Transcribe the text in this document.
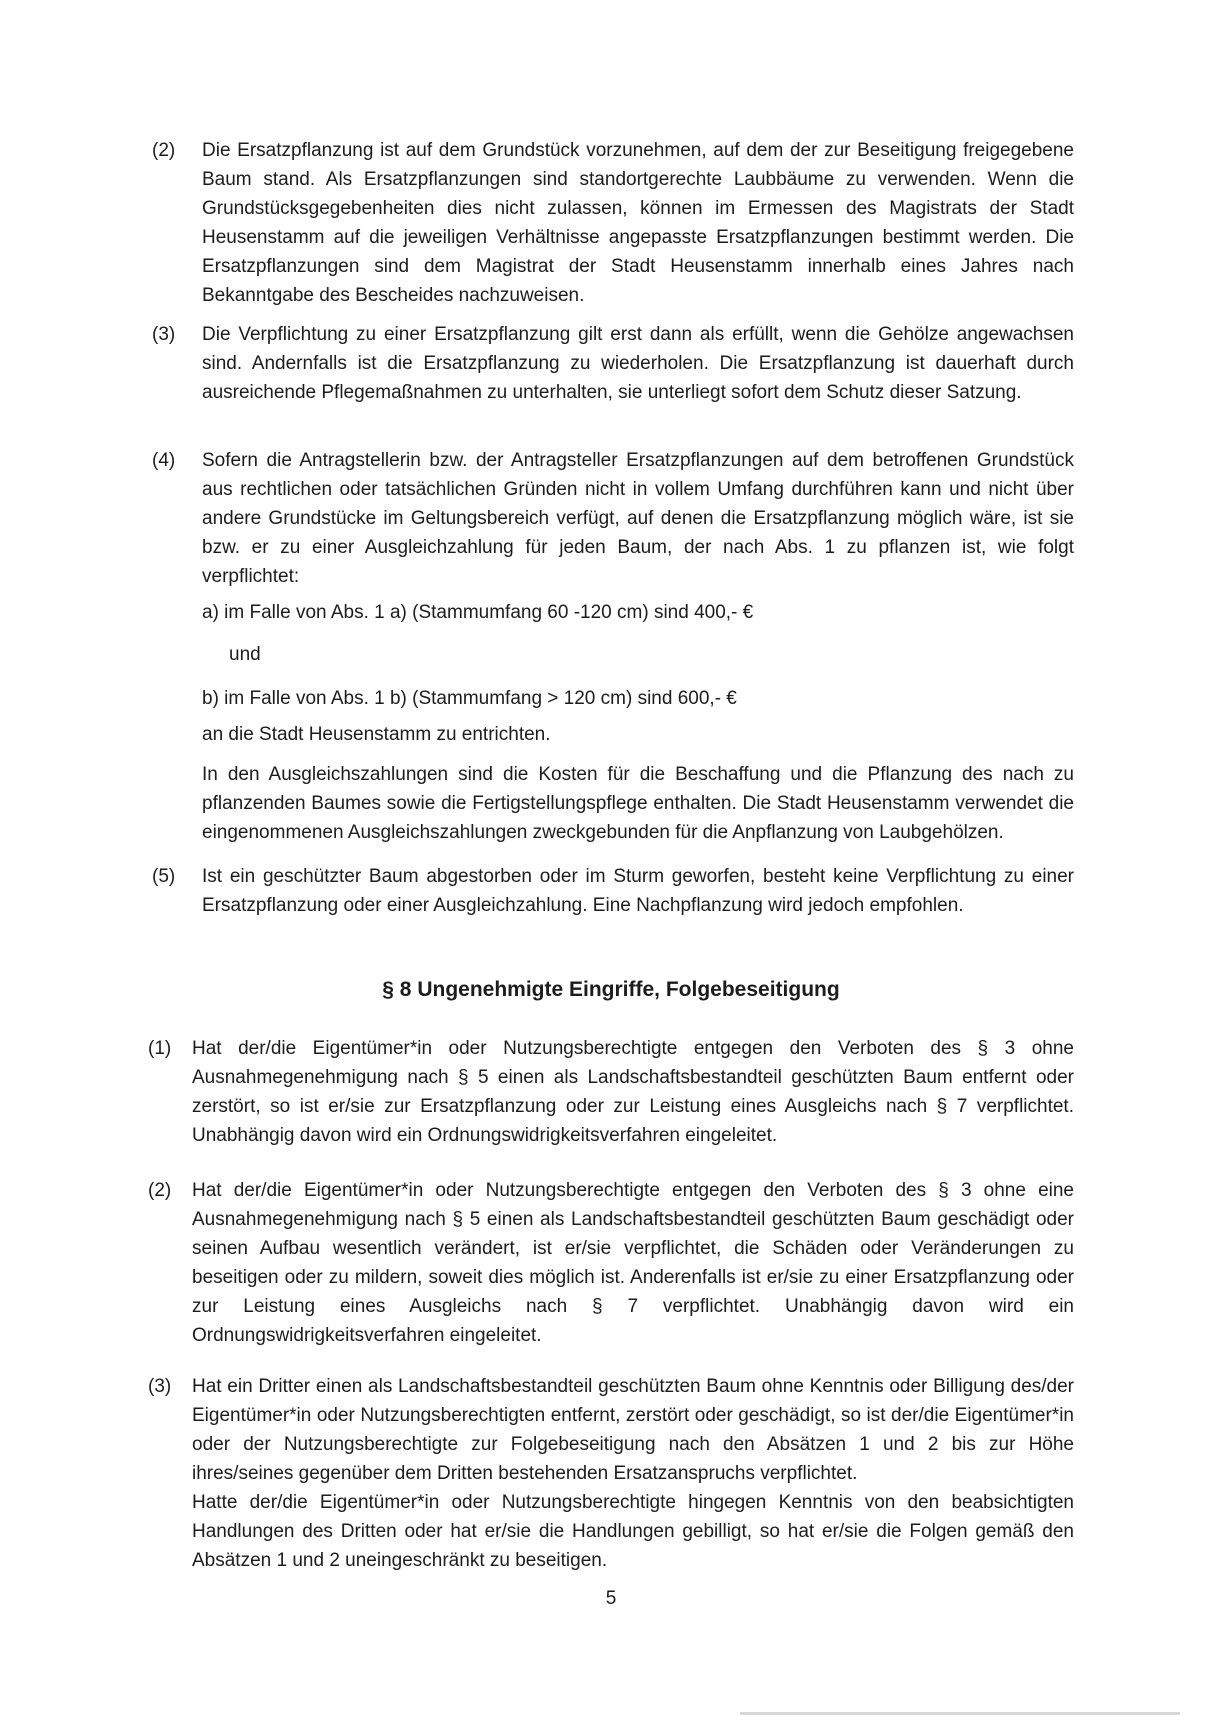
(2) Die Ersatzpflanzung ist auf dem Grundstück vorzunehmen, auf dem der zur Beseitigung freigegebene Baum stand. Als Ersatzpflanzungen sind standortgerechte Laubbäume zu verwenden. Wenn die Grundstücksgegebenheiten dies nicht zulassen, können im Ermessen des Magistrats der Stadt Heusenstamm auf die jeweiligen Verhältnisse angepasste Ersatzpflanzungen bestimmt werden. Die Ersatzpflanzungen sind dem Magistrat der Stadt Heusenstamm innerhalb eines Jahres nach Bekanntgabe des Bescheides nachzuweisen.
(3) Die Verpflichtung zu einer Ersatzpflanzung gilt erst dann als erfüllt, wenn die Gehölze angewachsen sind. Andernfalls ist die Ersatzpflanzung zu wiederholen. Die Ersatzpflanzung ist dauerhaft durch ausreichende Pflegemaßnahmen zu unterhalten, sie unterliegt sofort dem Schutz dieser Satzung.
(4) Sofern die Antragstellerin bzw. der Antragsteller Ersatzpflanzungen auf dem betroffenen Grundstück aus rechtlichen oder tatsächlichen Gründen nicht in vollem Umfang durchführen kann und nicht über andere Grundstücke im Geltungsbereich verfügt, auf denen die Ersatzpflanzung möglich wäre, ist sie bzw. er zu einer Ausgleichzahlung für jeden Baum, der nach Abs. 1 zu pflanzen ist, wie folgt verpflichtet:
a) im Falle von Abs. 1 a) (Stammumfang 60 -120 cm) sind 400,- €
und
b) im Falle von Abs. 1 b) (Stammumfang > 120 cm) sind 600,- €
an die Stadt Heusenstamm zu entrichten.
In den Ausgleichszahlungen sind die Kosten für die Beschaffung und die Pflanzung des nach zu pflanzenden Baumes sowie die Fertigstellungspflege enthalten. Die Stadt Heusenstamm verwendet die eingenommenen Ausgleichszahlungen zweckgebunden für die Anpflanzung von Laubgehölzen.
(5) Ist ein geschützter Baum abgestorben oder im Sturm geworfen, besteht keine Verpflichtung zu einer Ersatzpflanzung oder einer Ausgleichzahlung. Eine Nachpflanzung wird jedoch empfohlen.
§ 8 Ungenehmigte Eingriffe, Folgebeseitigung
(1) Hat der/die Eigentümer*in oder Nutzungsberechtigte entgegen den Verboten des § 3 ohne Ausnahmegenehmigung nach § 5 einen als Landschaftsbestandteil geschützten Baum entfernt oder zerstört, so ist er/sie zur Ersatzpflanzung oder zur Leistung eines Ausgleichs nach § 7 verpflichtet. Unabhängig davon wird ein Ordnungswidrigkeitsverfahren eingeleitet.
(2) Hat der/die Eigentümer*in oder Nutzungsberechtigte entgegen den Verboten des § 3 ohne eine Ausnahmegenehmigung nach § 5 einen als Landschaftsbestandteil geschützten Baum geschädigt oder seinen Aufbau wesentlich verändert, ist er/sie verpflichtet, die Schäden oder Veränderungen zu beseitigen oder zu mildern, soweit dies möglich ist. Anderenfalls ist er/sie zu einer Ersatzpflanzung oder zur Leistung eines Ausgleichs nach § 7 verpflichtet. Unabhängig davon wird ein Ordnungswidrigkeitsverfahren eingeleitet.
(3) Hat ein Dritter einen als Landschaftsbestandteil geschützten Baum ohne Kenntnis oder Billigung des/der Eigentümer*in oder Nutzungsberechtigten entfernt, zerstört oder geschädigt, so ist der/die Eigentümer*in oder der Nutzungsberechtigte zur Folgebeseitigung nach den Absätzen 1 und 2 bis zur Höhe ihres/seines gegenüber dem Dritten bestehenden Ersatzanspruchs verpflichtet.

Hatte der/die Eigentümer*in oder Nutzungsberechtigte hingegen Kenntnis von den beabsichtigten Handlungen des Dritten oder hat er/sie die Handlungen gebilligt, so hat er/sie die Folgen gemäß den Absätzen 1 und 2 uneingeschränkt zu beseitigen.

5
